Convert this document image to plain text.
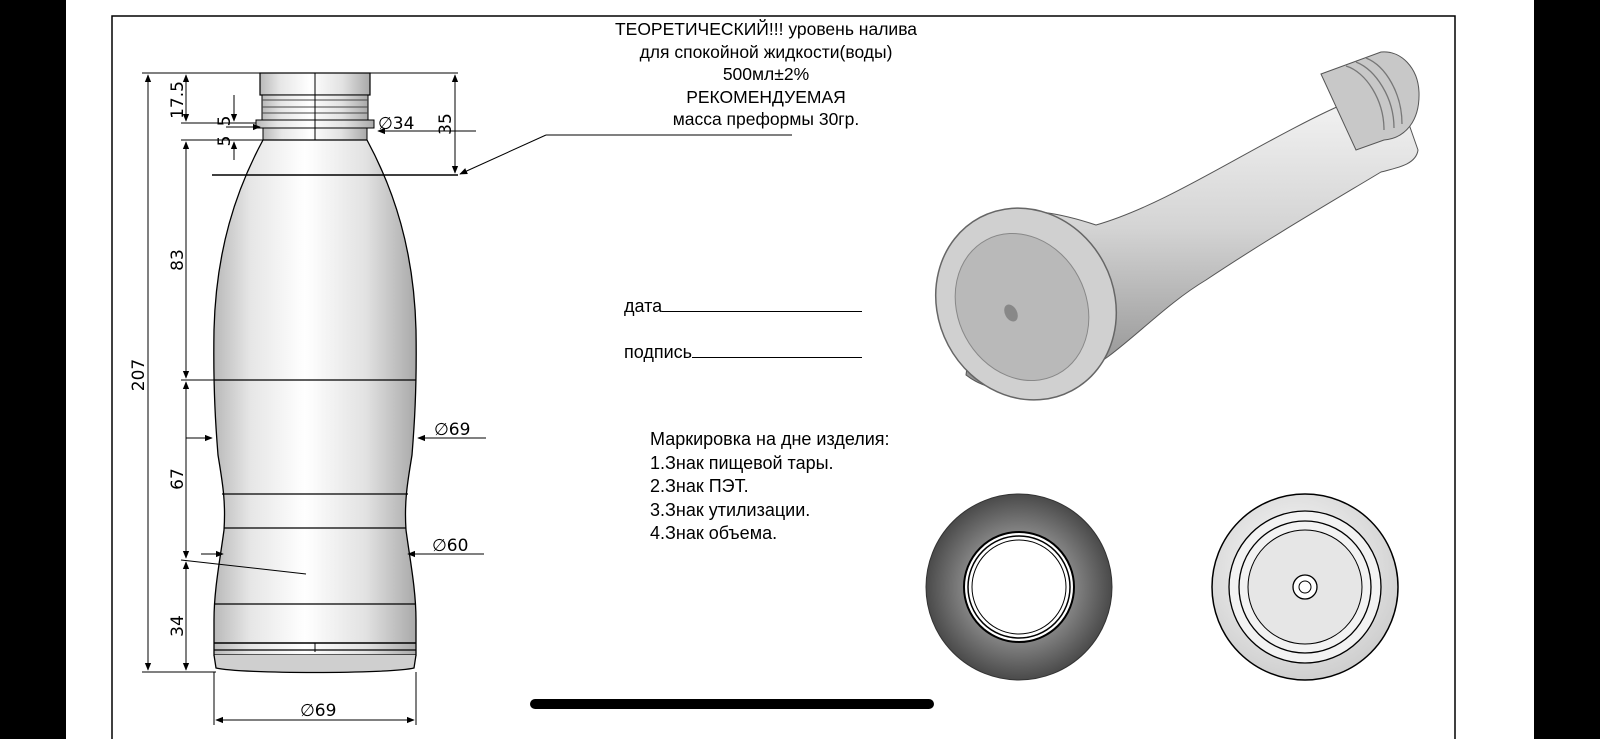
17.5
5
5
83
207
67
34
35
∅34
∅69
∅60
∅69
ТЕОРЕТИЧЕСКИЙ!!! уровень налива
для спокойной жидкости(воды)
500мл±2%
РЕКОМЕНДУЕМАЯ
масса преформы 30гр.
дата
подпись
Маркировка на дне изделия:
1.Знак пищевой тары.
2.Знак ПЭТ.
3.Знак утилизации.
4.Знак объема.
